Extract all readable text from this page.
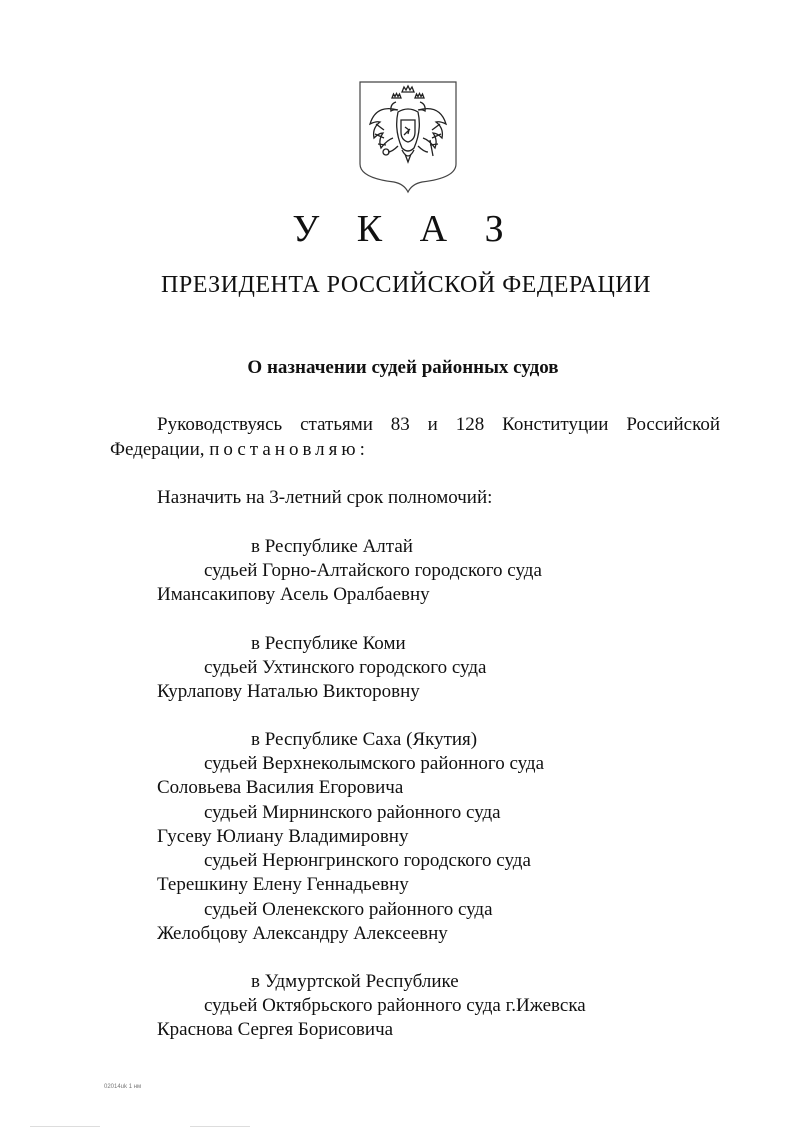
У К А З
ПРЕЗИДЕНТА РОССИЙСКОЙ ФЕДЕРАЦИИ
О назначении судей районных судов
Руководствуясь статьями 83 и 128 Конституции Российской
Федерации, постановляю:
Назначить на 3-летний срок полномочий:
в Республике Алтай
судьей Горно-Алтайского городского суда
Имансакипову Асель Оралбаевну
в Республике Коми
судьей Ухтинского городского суда
Курлапову Наталью Викторовну
в Республике Саха (Якутия)
судьей Верхнеколымского районного суда
Соловьева Василия Егоровича
судьей Мирнинского районного суда
Гусеву Юлиану Владимировну
судьей Нерюнгринского городского суда
Терешкину Елену Геннадьевну
судьей Оленекского районного суда
Желобцову Александру Алексеевну
в Удмуртской Республике
судьей Октябрьского районного суда г.Ижевска
Краснова Сергея Борисовича
02014uk 1 нм
